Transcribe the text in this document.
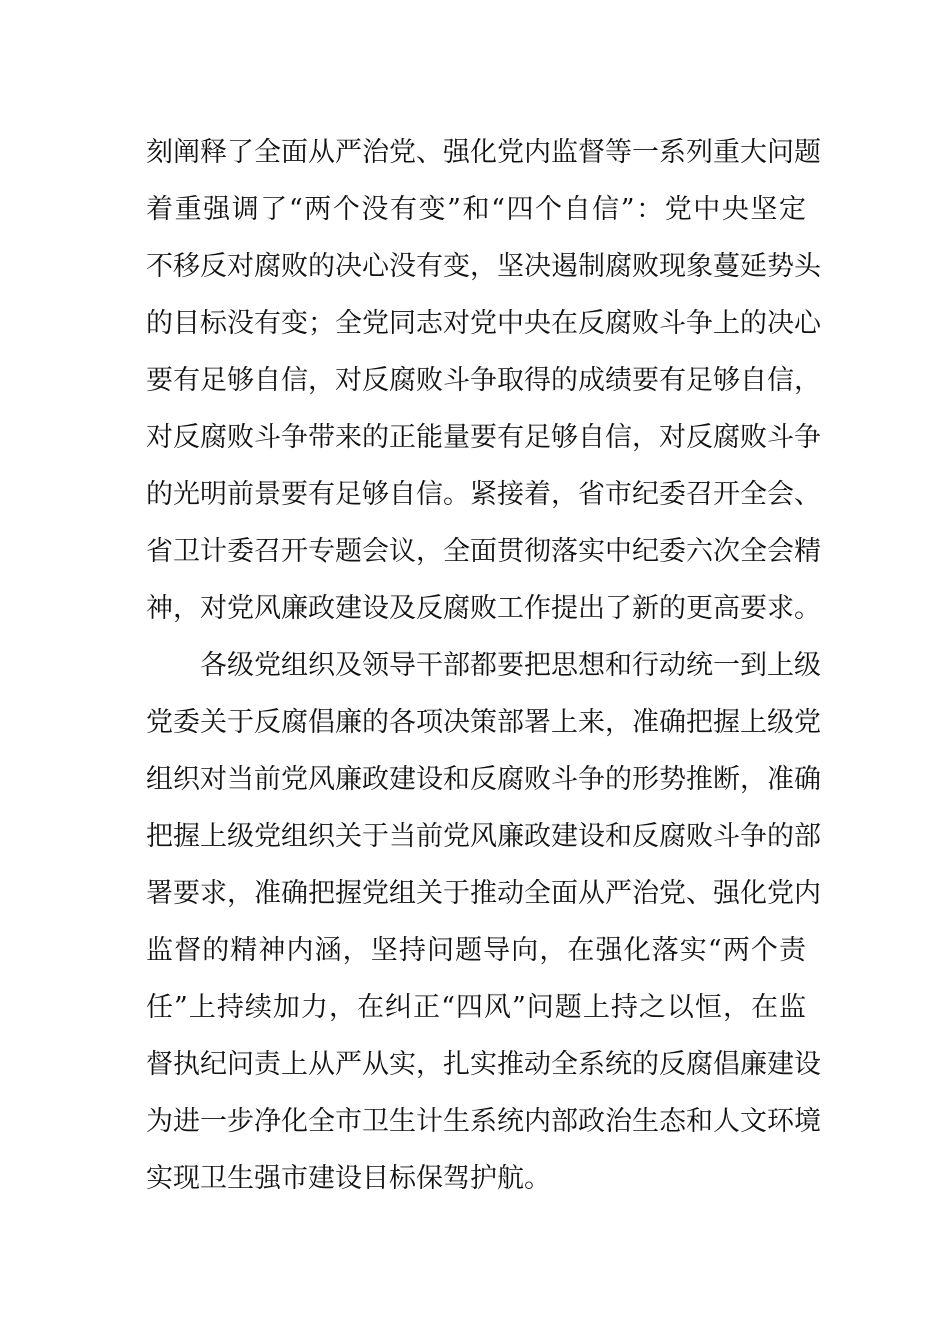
刻阐释了全面从严治党、强化党内监督等一系列重大问题
着重强调了“两个没有变”和“四个自信”：党中央坚定
不移反对腐败的决心没有变，坚决遏制腐败现象蔓延势头
的目标没有变；全党同志对党中央在反腐败斗争上的决心
要有足够自信，对反腐败斗争取得的成绩要有足够自信，
对反腐败斗争带来的正能量要有足够自信，对反腐败斗争
的光明前景要有足够自信。紧接着，省市纪委召开全会、
省卫计委召开专题会议，全面贯彻落实中纪委六次全会精
神，对党风廉政建设及反腐败工作提出了新的更高要求。
各级党组织及领导干部都要把思想和行动统一到上级
党委关于反腐倡廉的各项决策部署上来，准确把握上级党
组织对当前党风廉政建设和反腐败斗争的形势推断，准确
把握上级党组织关于当前党风廉政建设和反腐败斗争的部
署要求，准确把握党组关于推动全面从严治党、强化党内
监督的精神内涵，坚持问题导向，在强化落实“两个责
任”上持续加力，在纠正“四风”问题上持之以恒，在监
督执纪问责上从严从实，扎实推动全系统的反腐倡廉建设
为进一步净化全市卫生计生系统内部政治生态和人文环境
实现卫生强市建设目标保驾护航。
